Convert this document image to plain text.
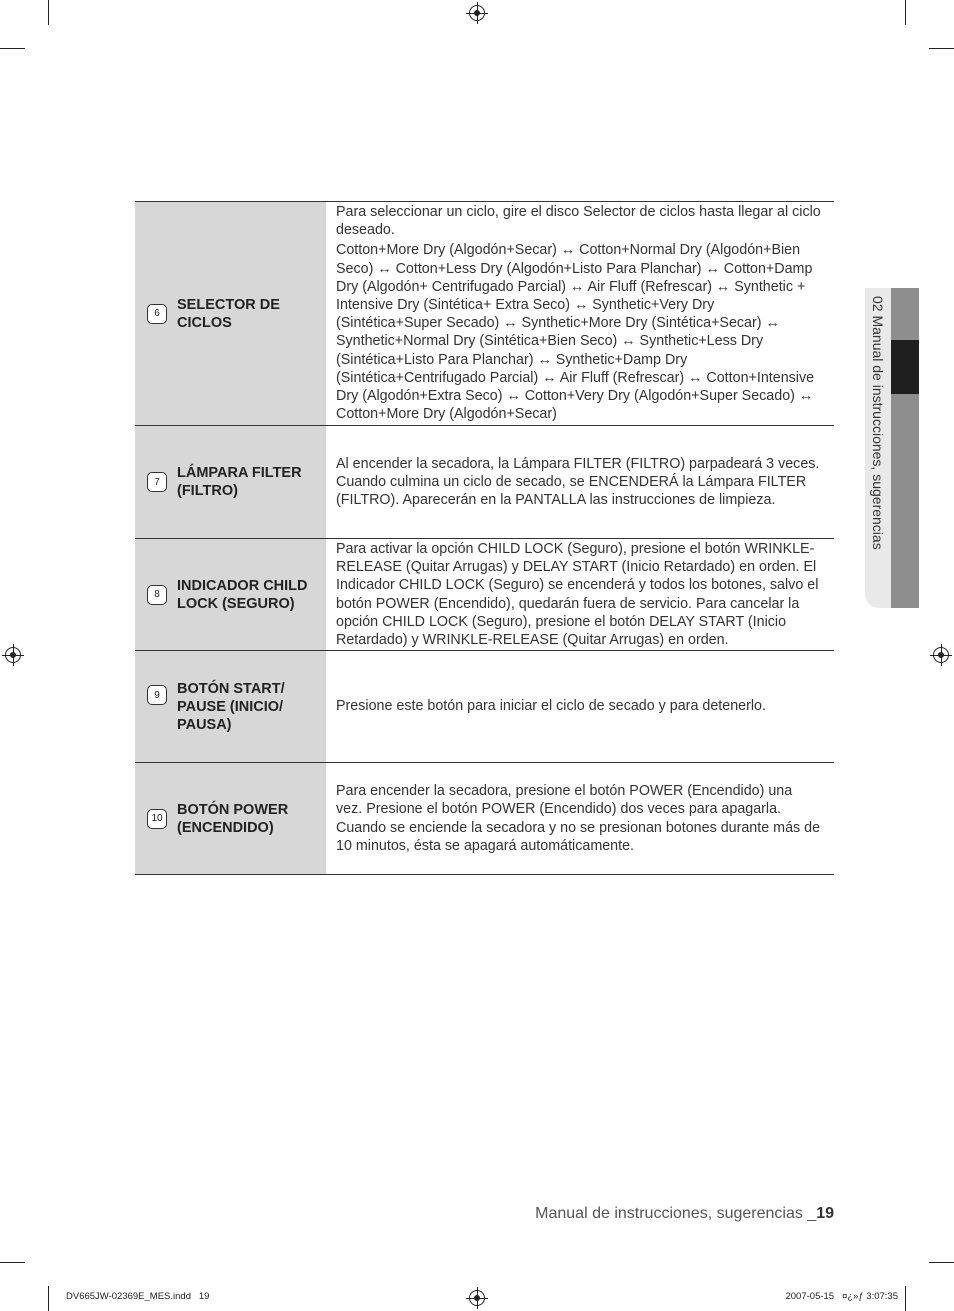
6
SELECTOR DE CICLOS

Para seleccionar un ciclo, gire el disco Selector de ciclos hasta llegar al ciclo deseado.

Cotton+More Dry (Algodón+Secar) ↔ Cotton+Normal Dry (Algodón+Bien Seco) ↔ Cotton+Less Dry (Algodón+Listo Para Planchar) ↔ Cotton+Damp Dry (Algodón+ Centrifugado Parcial) ↔ Air Fluff (Refrescar) ↔ Synthetic + Intensive Dry (Sintética+ Extra Seco) ↔ Synthetic+Very Dry (Sintética+Super Secado) ↔ Synthetic+More Dry (Sintética+Secar) ↔ Synthetic+Normal Dry (Sintética+Bien Seco) ↔ Synthetic+Less Dry (Sintética+Listo Para Planchar) ↔ Synthetic+Damp Dry (Sintética+Centrifugado Parcial) ↔ Air Fluff (Refrescar) ↔ Cotton+Intensive Dry (Algodón+Extra Seco) ↔ Cotton+Very Dry (Algodón+Super Secado) ↔ Cotton+More Dry (Algodón+Secar)

7
LÁMPARA FILTER (FILTRO)

Al encender la secadora, la Lámpara FILTER (FILTRO) parpadeará 3 veces. Cuando culmina un ciclo de secado, se ENCENDERÁ la Lámpara FILTER (FILTRO). Aparecerán en la PANTALLA las instrucciones de limpieza.

8
INDICADOR CHILD LOCK (SEGURO)

Para activar la opción CHILD LOCK (Seguro), presione el botón WRINKLE-RELEASE (Quitar Arrugas) y DELAY START (Inicio Retardado) en orden. El Indicador CHILD LOCK (Seguro) se encenderá y todos los botones, salvo el botón POWER (Encendido), quedarán fuera de servicio. Para cancelar la opción CHILD LOCK (Seguro), presione el botón DELAY START (Inicio Retardado) y WRINKLE-RELEASE (Quitar Arrugas) en orden.

9	BOTÓN START/ PAUSE (INICIO/ PAUSA)

Presione este botón para iniciar el ciclo de secado y para detenerlo.

10
BOTÓN POWER (ENCENDIDO)

Para encender la secadora, presione el botón POWER (Encendido) una vez. Presione el botón POWER (Encendido) dos veces para apagarla. Cuando se enciende la secadora y no se presionan botones durante más de 10 minutos, ésta se apagará automáticamente.

02 Manual de instrucciones, sugerencias
Manual de instrucciones, sugerencias _19
DV665JW-02369E_MES.indd   19	2007-05-15   ¤¿»ƒ 3:07:35
